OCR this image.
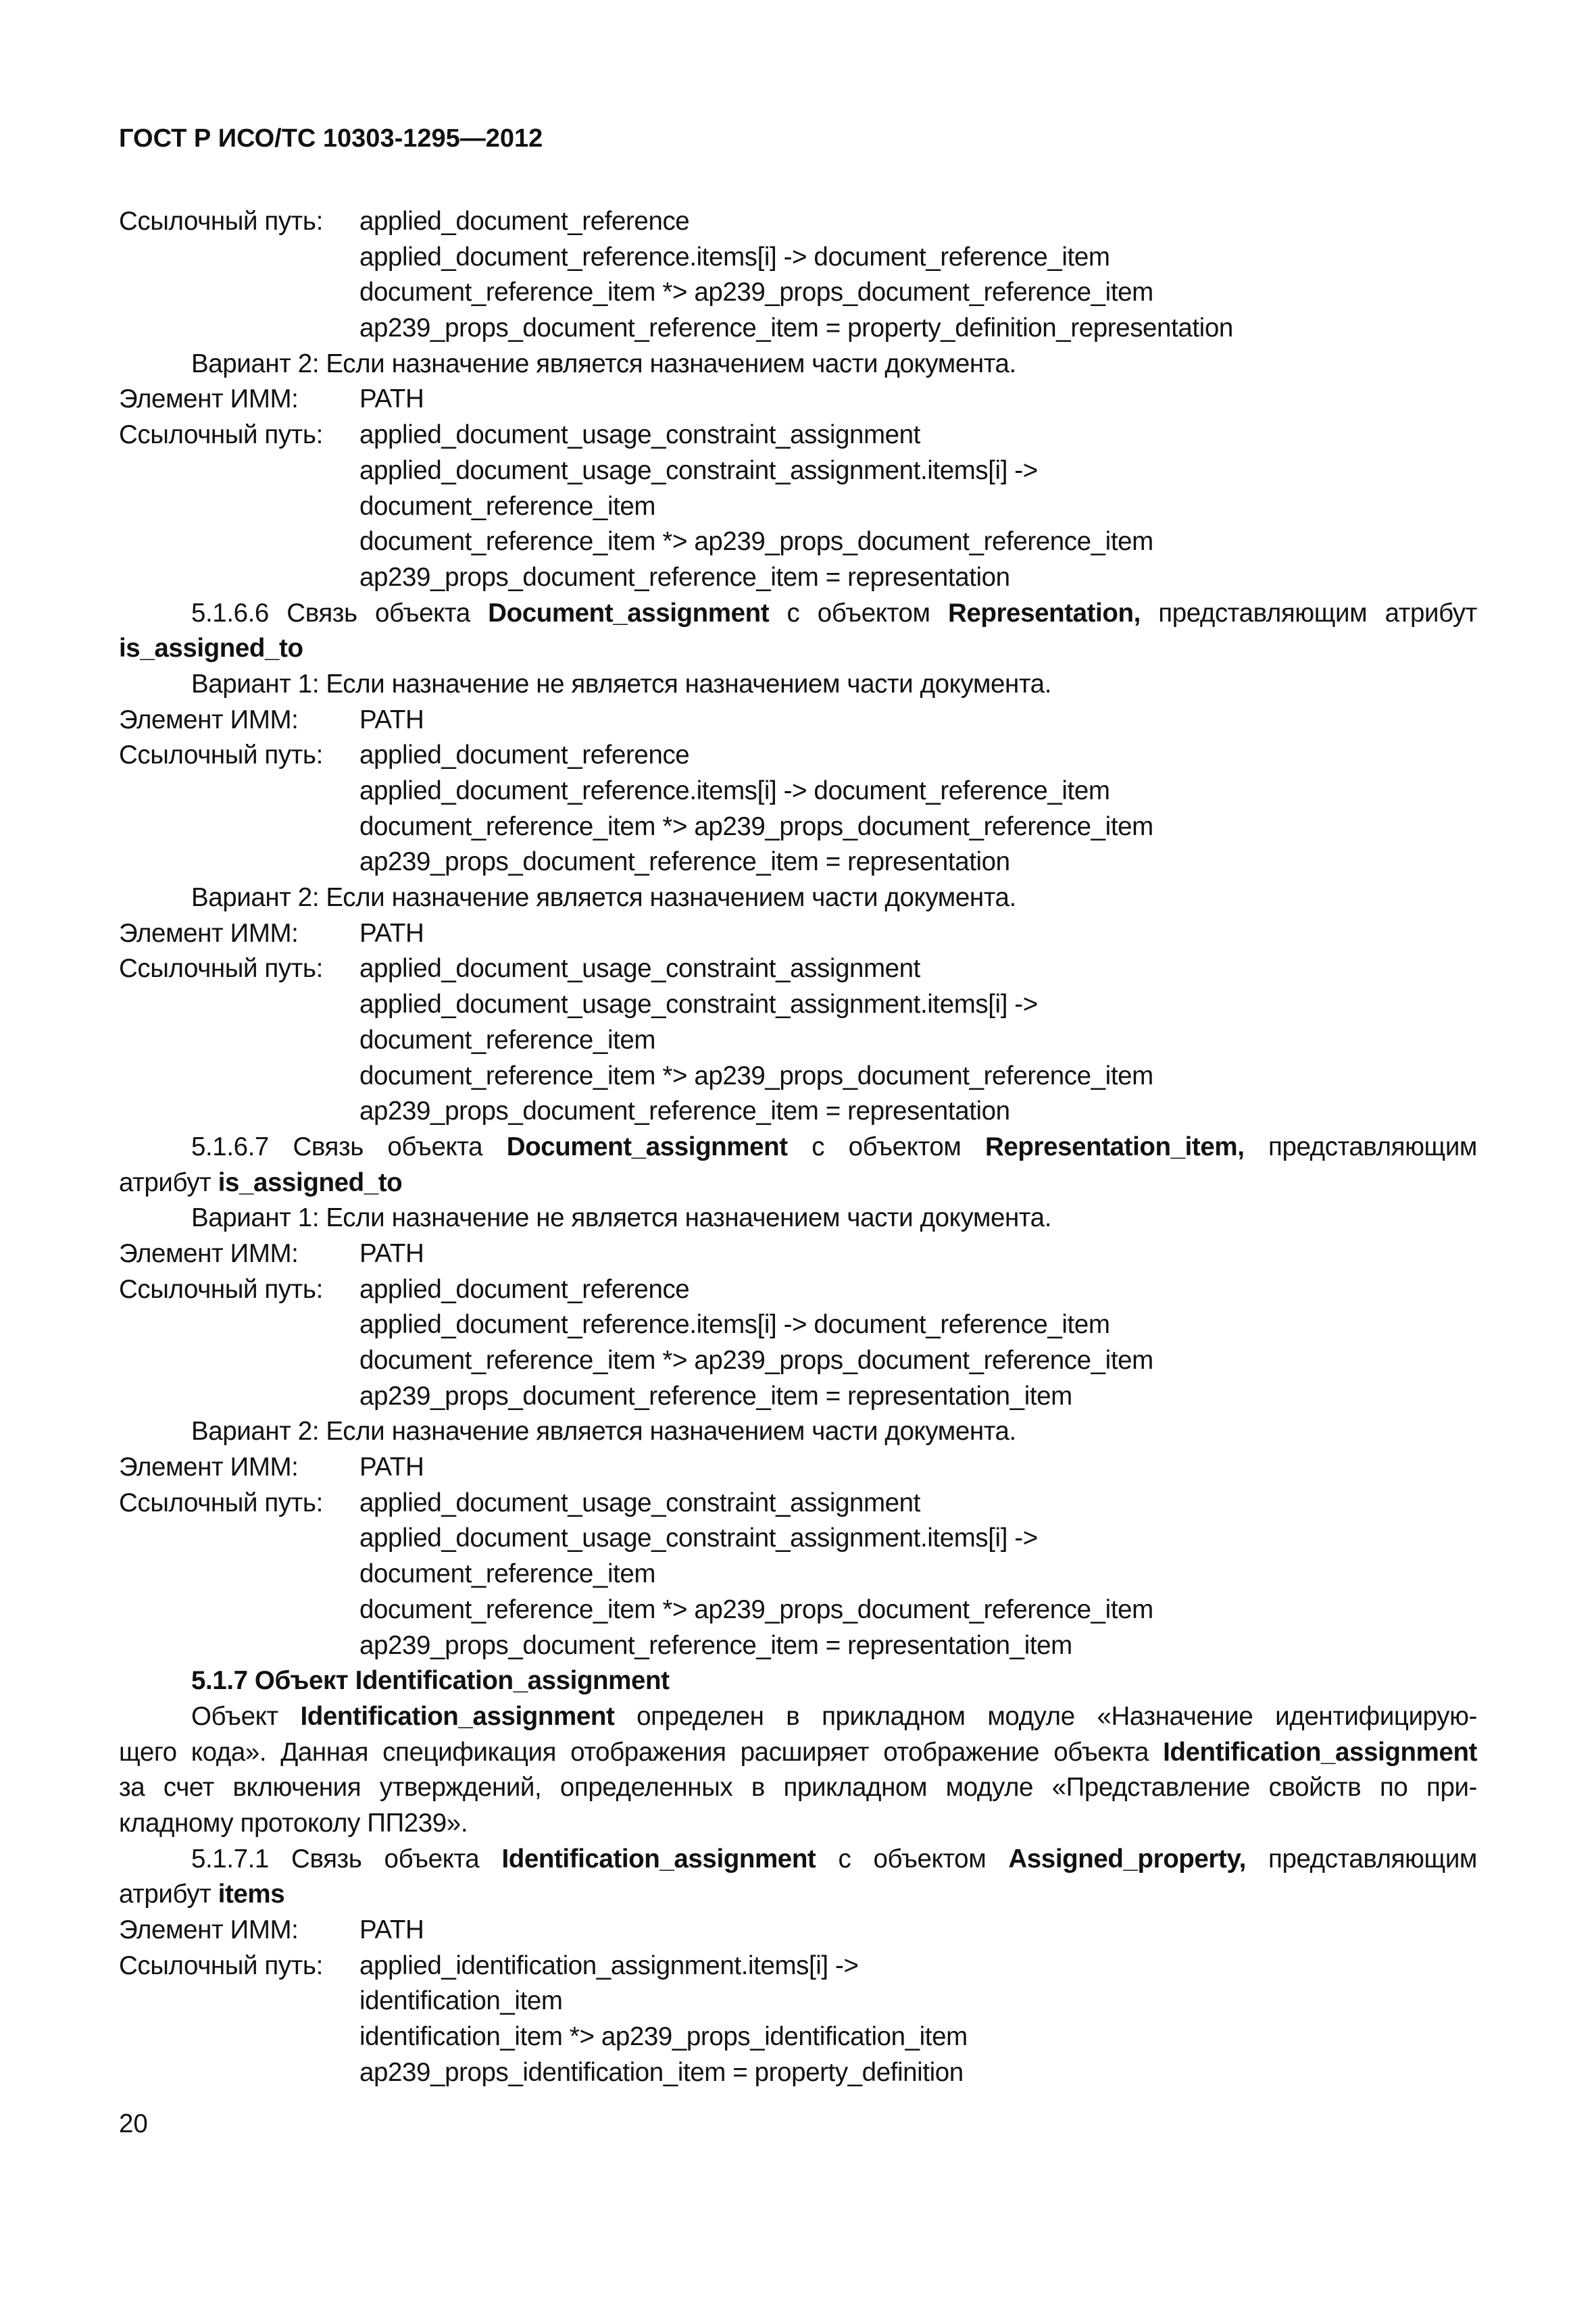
ГОСТ Р ИСО/ТС 10303-1295—2012
Ссылочный путь: applied_document_reference
applied_document_reference.items[i] -> document_reference_item
document_reference_item *> ap239_props_document_reference_item
ap239_props_document_reference_item = property_definition_representation
Вариант 2: Если назначение является назначением части документа.
Элемент ИММ: PATH
Ссылочный путь: applied_document_usage_constraint_assignment
applied_document_usage_constraint_assignment.items[i] ->
document_reference_item
document_reference_item *> ap239_props_document_reference_item
ap239_props_document_reference_item = representation
5.1.6.6 Связь объекта Document_assignment с объектом Representation, представляющим атрибут
is_assigned_to
Вариант 1: Если назначение не является назначением части документа.
Элемент ИММ: PATH
Ссылочный путь: applied_document_reference
applied_document_reference.items[i] -> document_reference_item
document_reference_item *> ap239_props_document_reference_item
ap239_props_document_reference_item = representation
Вариант 2: Если назначение является назначением части документа.
Элемент ИММ: PATH
Ссылочный путь: applied_document_usage_constraint_assignment
applied_document_usage_constraint_assignment.items[i] ->
document_reference_item
document_reference_item *> ap239_props_document_reference_item
ap239_props_document_reference_item = representation
5.1.6.7 Связь объекта Document_assignment с объектом Representation_item, представляющим
атрибут is_assigned_to
Вариант 1: Если назначение не является назначением части документа.
Элемент ИММ: PATH
Ссылочный путь: applied_document_reference
applied_document_reference.items[i] -> document_reference_item
document_reference_item *> ap239_props_document_reference_item
ap239_props_document_reference_item = representation_item
Вариант 2: Если назначение является назначением части документа.
Элемент ИММ: PATH
Ссылочный путь: applied_document_usage_constraint_assignment
applied_document_usage_constraint_assignment.items[i] ->
document_reference_item
document_reference_item *> ap239_props_document_reference_item
ap239_props_document_reference_item = representation_item
5.1.7 Объект Identification_assignment
Объект Identification_assignment определен в прикладном модуле «Назначение идентифицирую-
щего кода». Данная спецификация отображения расширяет отображение объекта Identification_assignment
за счет включения утверждений, определенных в прикладном модуле «Представление свойств по при-
кладному протоколу ПП239».
5.1.7.1 Связь объекта Identification_assignment с объектом Assigned_property, представляющим
атрибут items
Элемент ИММ: PATH
Ссылочный путь: applied_identification_assignment.items[i] ->
identification_item
identification_item *> ap239_props_identification_item
ap239_props_identification_item = property_definition
20
